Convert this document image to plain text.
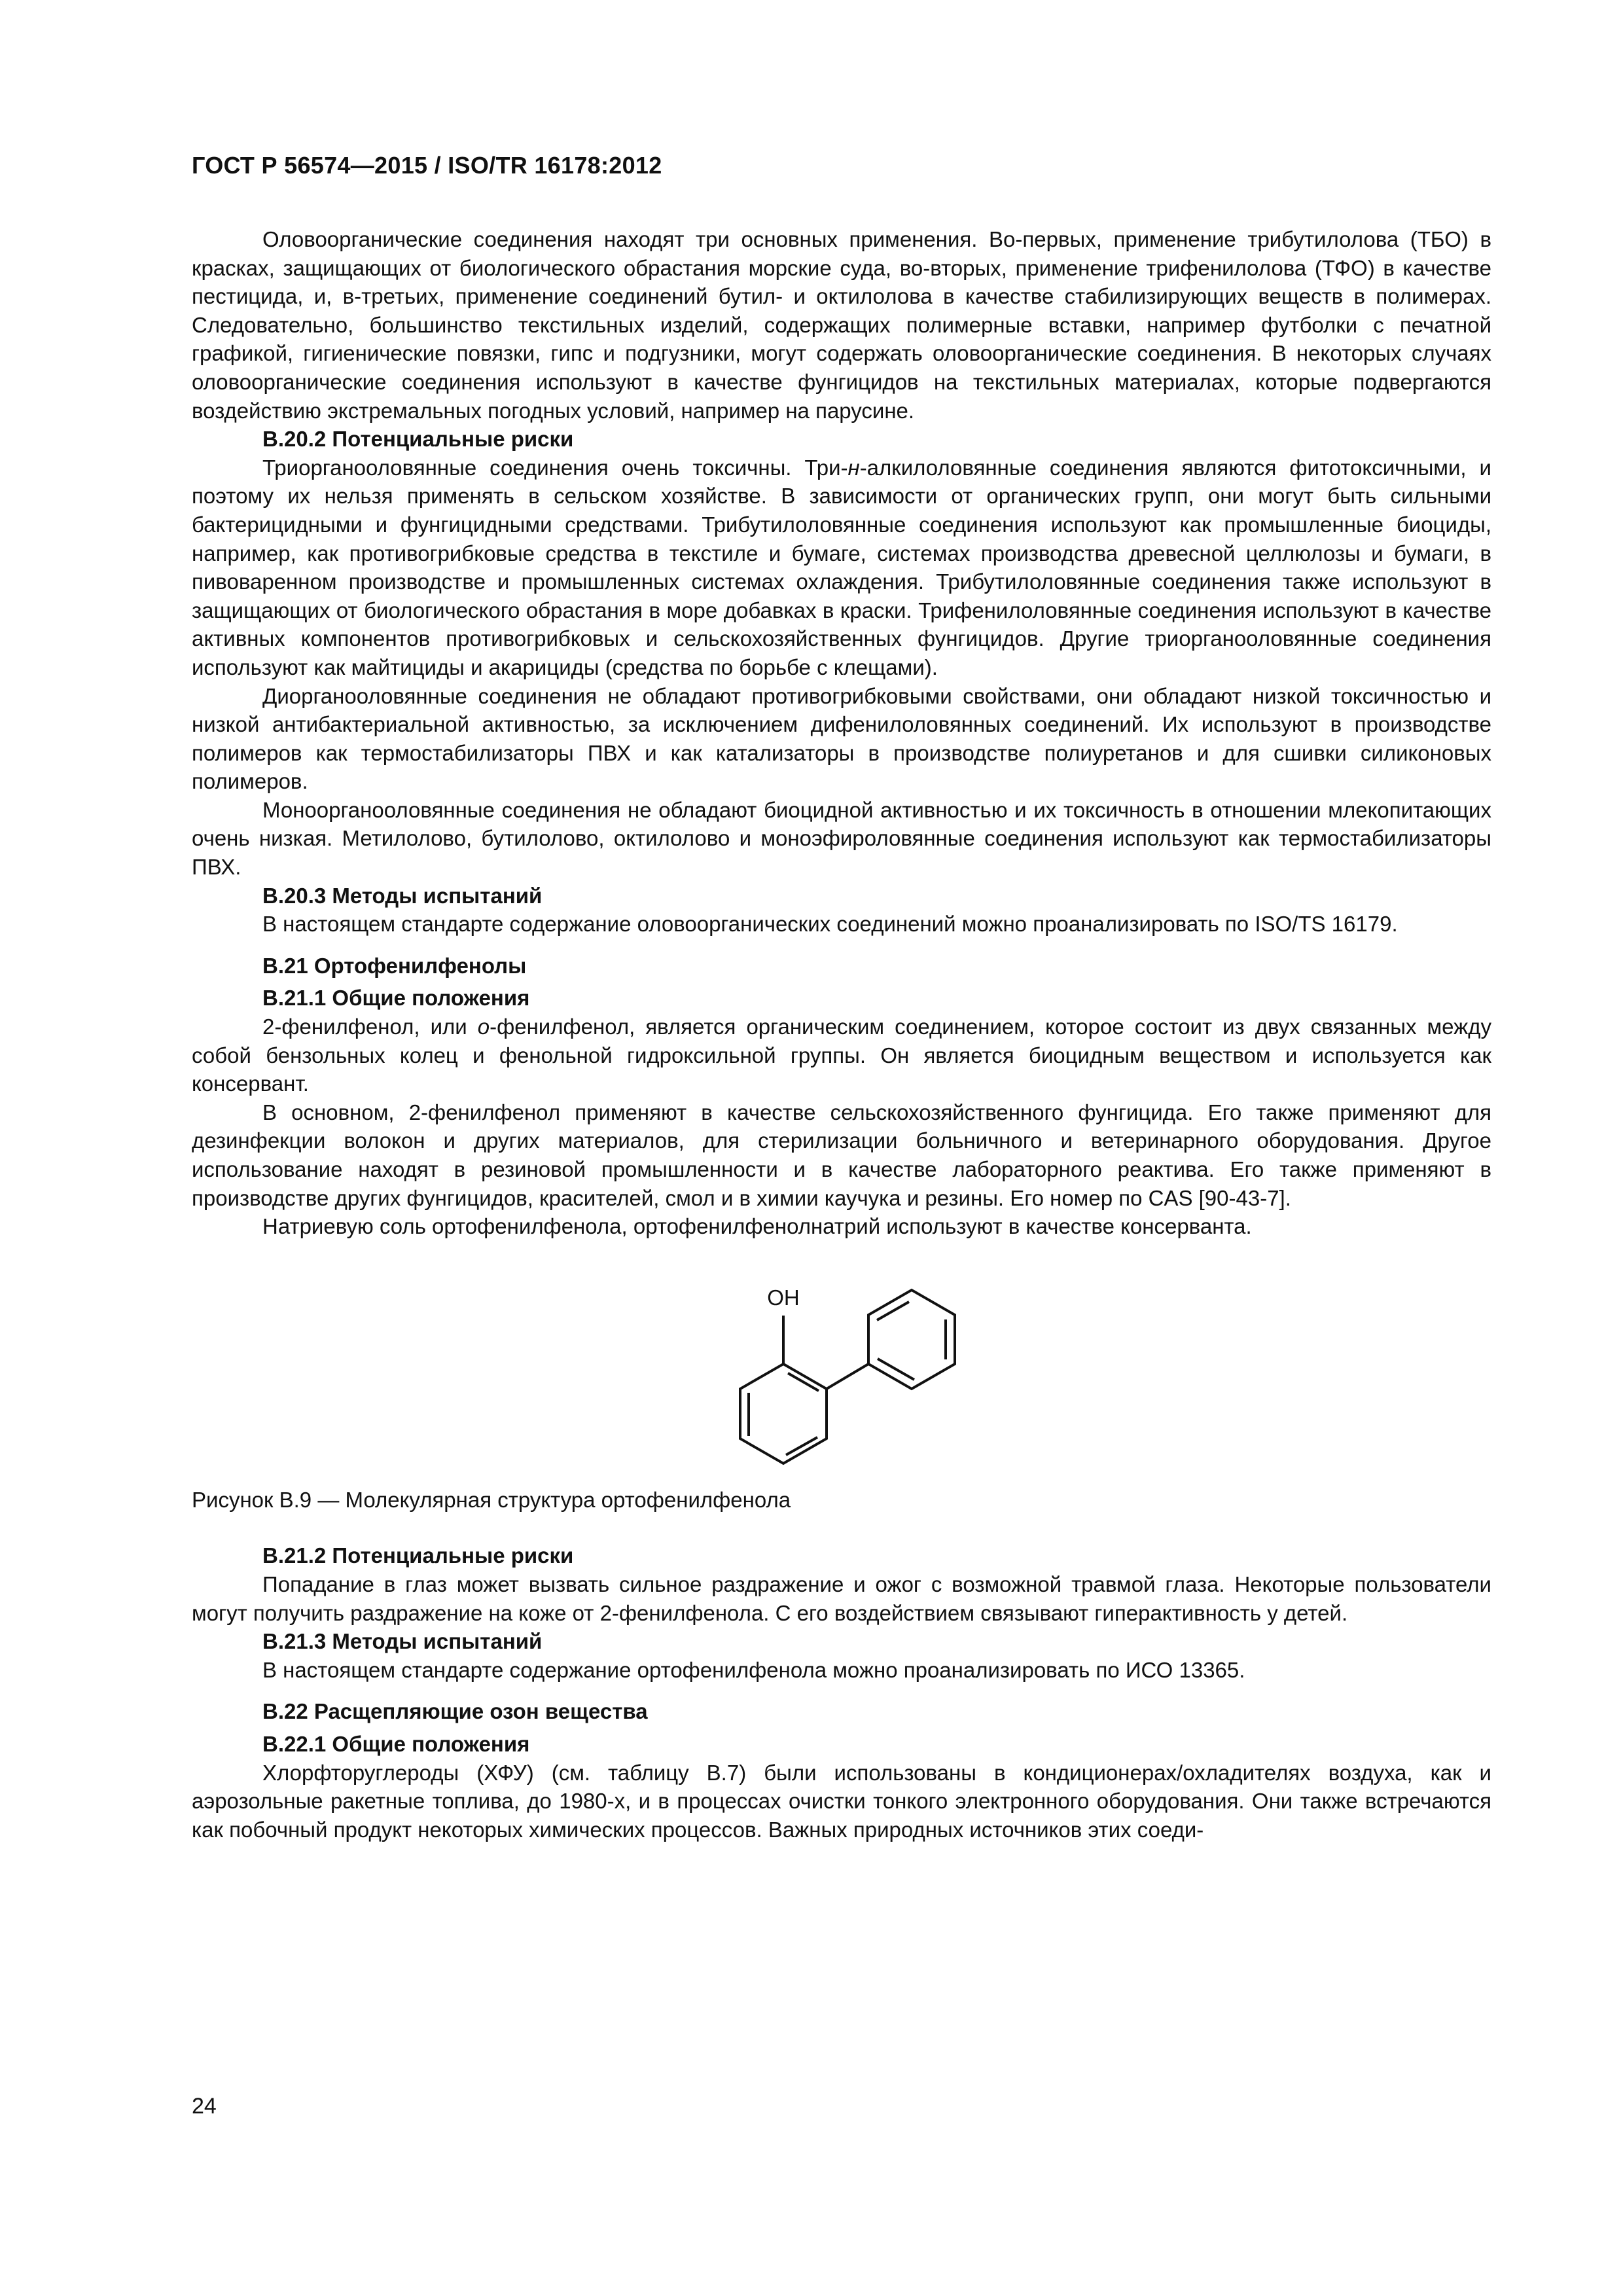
ГОСТ Р 56574—2015 / ISO/TR 16178:2012

Оловоорганические соединения находят три основных применения. Во-первых, применение трибутилолова (ТБО) в красках, защищающих от биологического обрастания морские суда, во-вторых, применение трифенилолова (ТФО) в качестве пестицида, и, в-третьих, применение соединений бутил- и октилолова в качестве стабилизирующих веществ в полимерах. Следовательно, большинство текстильных изделий, содержащих полимерные вставки, например футболки с печатной графикой, гигиенические повязки, гипс и подгузники, могут содержать оловоорганические соединения. В некоторых случаях оловоорганические соединения используют в качестве фунгицидов на текстильных материалах, которые подвергаются воздействию экстремальных погодных условий, например на парусине.

В.20.2 Потенциальные риски

Триорганооловянные соединения очень токсичны. Три-н-алкилоловянные соединения являются фитотоксичными, и поэтому их нельзя применять в сельском хозяйстве. В зависимости от органических групп, они могут быть сильными бактерицидными и фунгицидными средствами. Трибутилоловянные соединения используют как промышленные биоциды, например, как противогрибковые средства в текстиле и бумаге, системах производства древесной целлюлозы и бумаги, в пивоваренном производстве и промышленных системах охлаждения. Трибутилоловянные соединения также используют в защищающих от биологического обрастания в море добавках в краски. Трифенилоловянные соединения используют в качестве активных компонентов противогрибковых и сельскохозяйственных фунгицидов. Другие триорганооловянные соединения используют как майтициды и акарициды (средства по борьбе с клещами).

Диорганооловянные соединения не обладают противогрибковыми свойствами, они обладают низкой токсичностью и низкой антибактериальной активностью, за исключением дифенилоловянных соединений. Их используют в производстве полимеров как термостабилизаторы ПВХ и как катализаторы в производстве полиуретанов и для сшивки силиконовых полимеров.

Моноорганооловянные соединения не обладают биоцидной активностью и их токсичность в отношении млекопитающих очень низкая. Метилолово, бутилолово, октилолово и моноэфироловянные соединения используют как термостабилизаторы ПВХ.

В.20.3 Методы испытаний

В настоящем стандарте содержание оловоорганических соединений можно проанализировать по ISO/TS 16179.

В.21 Ортофенилфенолы
В.21.1 Общие положения

2-фенилфенол, или о-фенилфенол, является органическим соединением, которое состоит из двух связанных между собой бензольных колец и фенольной гидроксильной группы. Он является биоцидным веществом и используется как консервант.

В основном, 2-фенилфенол применяют в качестве сельскохозяйственного фунгицида. Его также применяют для дезинфекции волокон и других материалов, для стерилизации больничного и ветеринарного оборудования. Другое использование находят в резиновой промышленности и в качестве лабораторного реактива. Его также применяют в производстве других фунгицидов, красителей, смол и в химии каучука и резины. Его номер по CAS [90-43-7].

Натриевую соль ортофенилфенола, ортофенилфенолнатрий используют в качестве консерванта.

OH

Рисунок В.9 — Молекулярная структура ортофенилфенола

В.21.2 Потенциальные риски

Попадание в глаз может вызвать сильное раздражение и ожог с возможной травмой глаза. Некоторые пользователи могут получить раздражение на коже от 2-фенилфенола. С его воздействием связывают гиперактивность у детей.

В.21.3 Методы испытаний

В настоящем стандарте содержание ортофенилфенола можно проанализировать по ИСО 13365.

В.22 Расщепляющие озон вещества
В.22.1 Общие положения

Хлорфторуглероды (ХФУ) (см. таблицу В.7) были использованы в кондиционерах/охладителях воздуха, как и аэрозольные ракетные топлива, до 1980-х, и в процессах очистки тонкого электронного оборудования. Они также встречаются как побочный продукт некоторых химических процессов. Важных природных источников этих соеди-

24
